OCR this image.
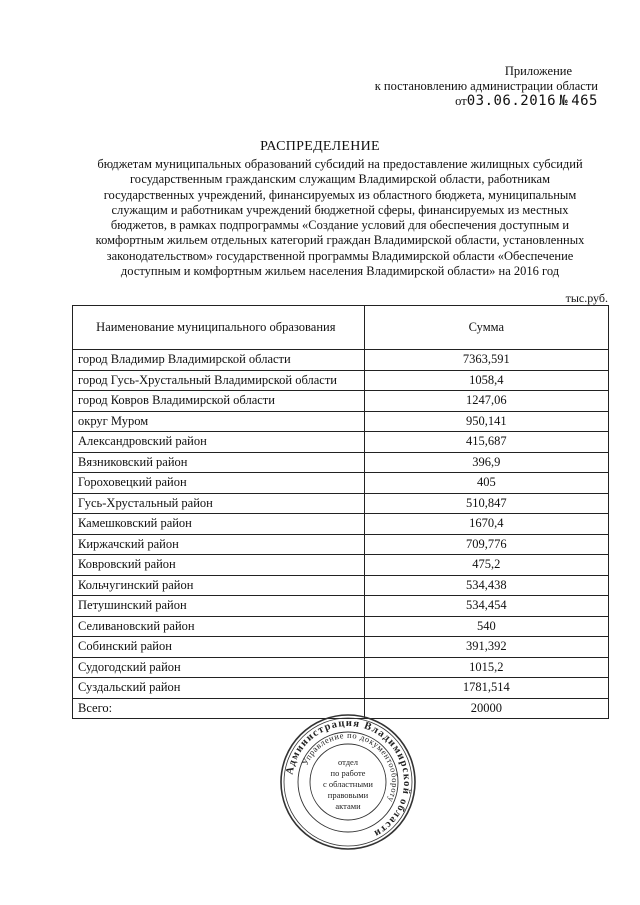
Приложение
к постановлению администрации области
от03.06.2016 № 465
РАСПРЕДЕЛЕНИЕ
бюджетам муниципальных образований субсидий на предоставление жилищных субсидий
государственным гражданским служащим Владимирской области, работникам
государственных учреждений, финансируемых из областного бюджета, муниципальным
служащим и работникам учреждений бюджетной сферы, финансируемых из местных
бюджетов, в рамках подпрограммы «Создание условий для обеспечения доступным и
комфортным жильем отдельных категорий граждан Владимирской области, установленных
законодательством» государственной программы Владимирской области «Обеспечение
доступным и комфортным жильем населения Владимирской области» на 2016 год
тыс.руб.
Наименование муниципального образования	Сумма
город Владимир Владимирской области	7363,591
город Гусь-Хрустальный Владимирской области	1058,4
город Ковров Владимирской области	1247,06
округ Муром	950,141
Александровский район	415,687
Вязниковский район	396,9
Гороховецкий район	405
Гусь-Хрустальный район	510,847
Камешковский район	1670,4
Киржачский район	709,776
Ковровский район	475,2
Кольчугинский район	534,438
Петушинский район	534,454
Селивановский район	540
Собинский район	391,392
Судогодский район	1015,2
Суздальский район	1781,514
Всего:	20000
Администрация Владимирской области
Управление по документообороту
отдел
по работе
с областными
правовыми
актами
